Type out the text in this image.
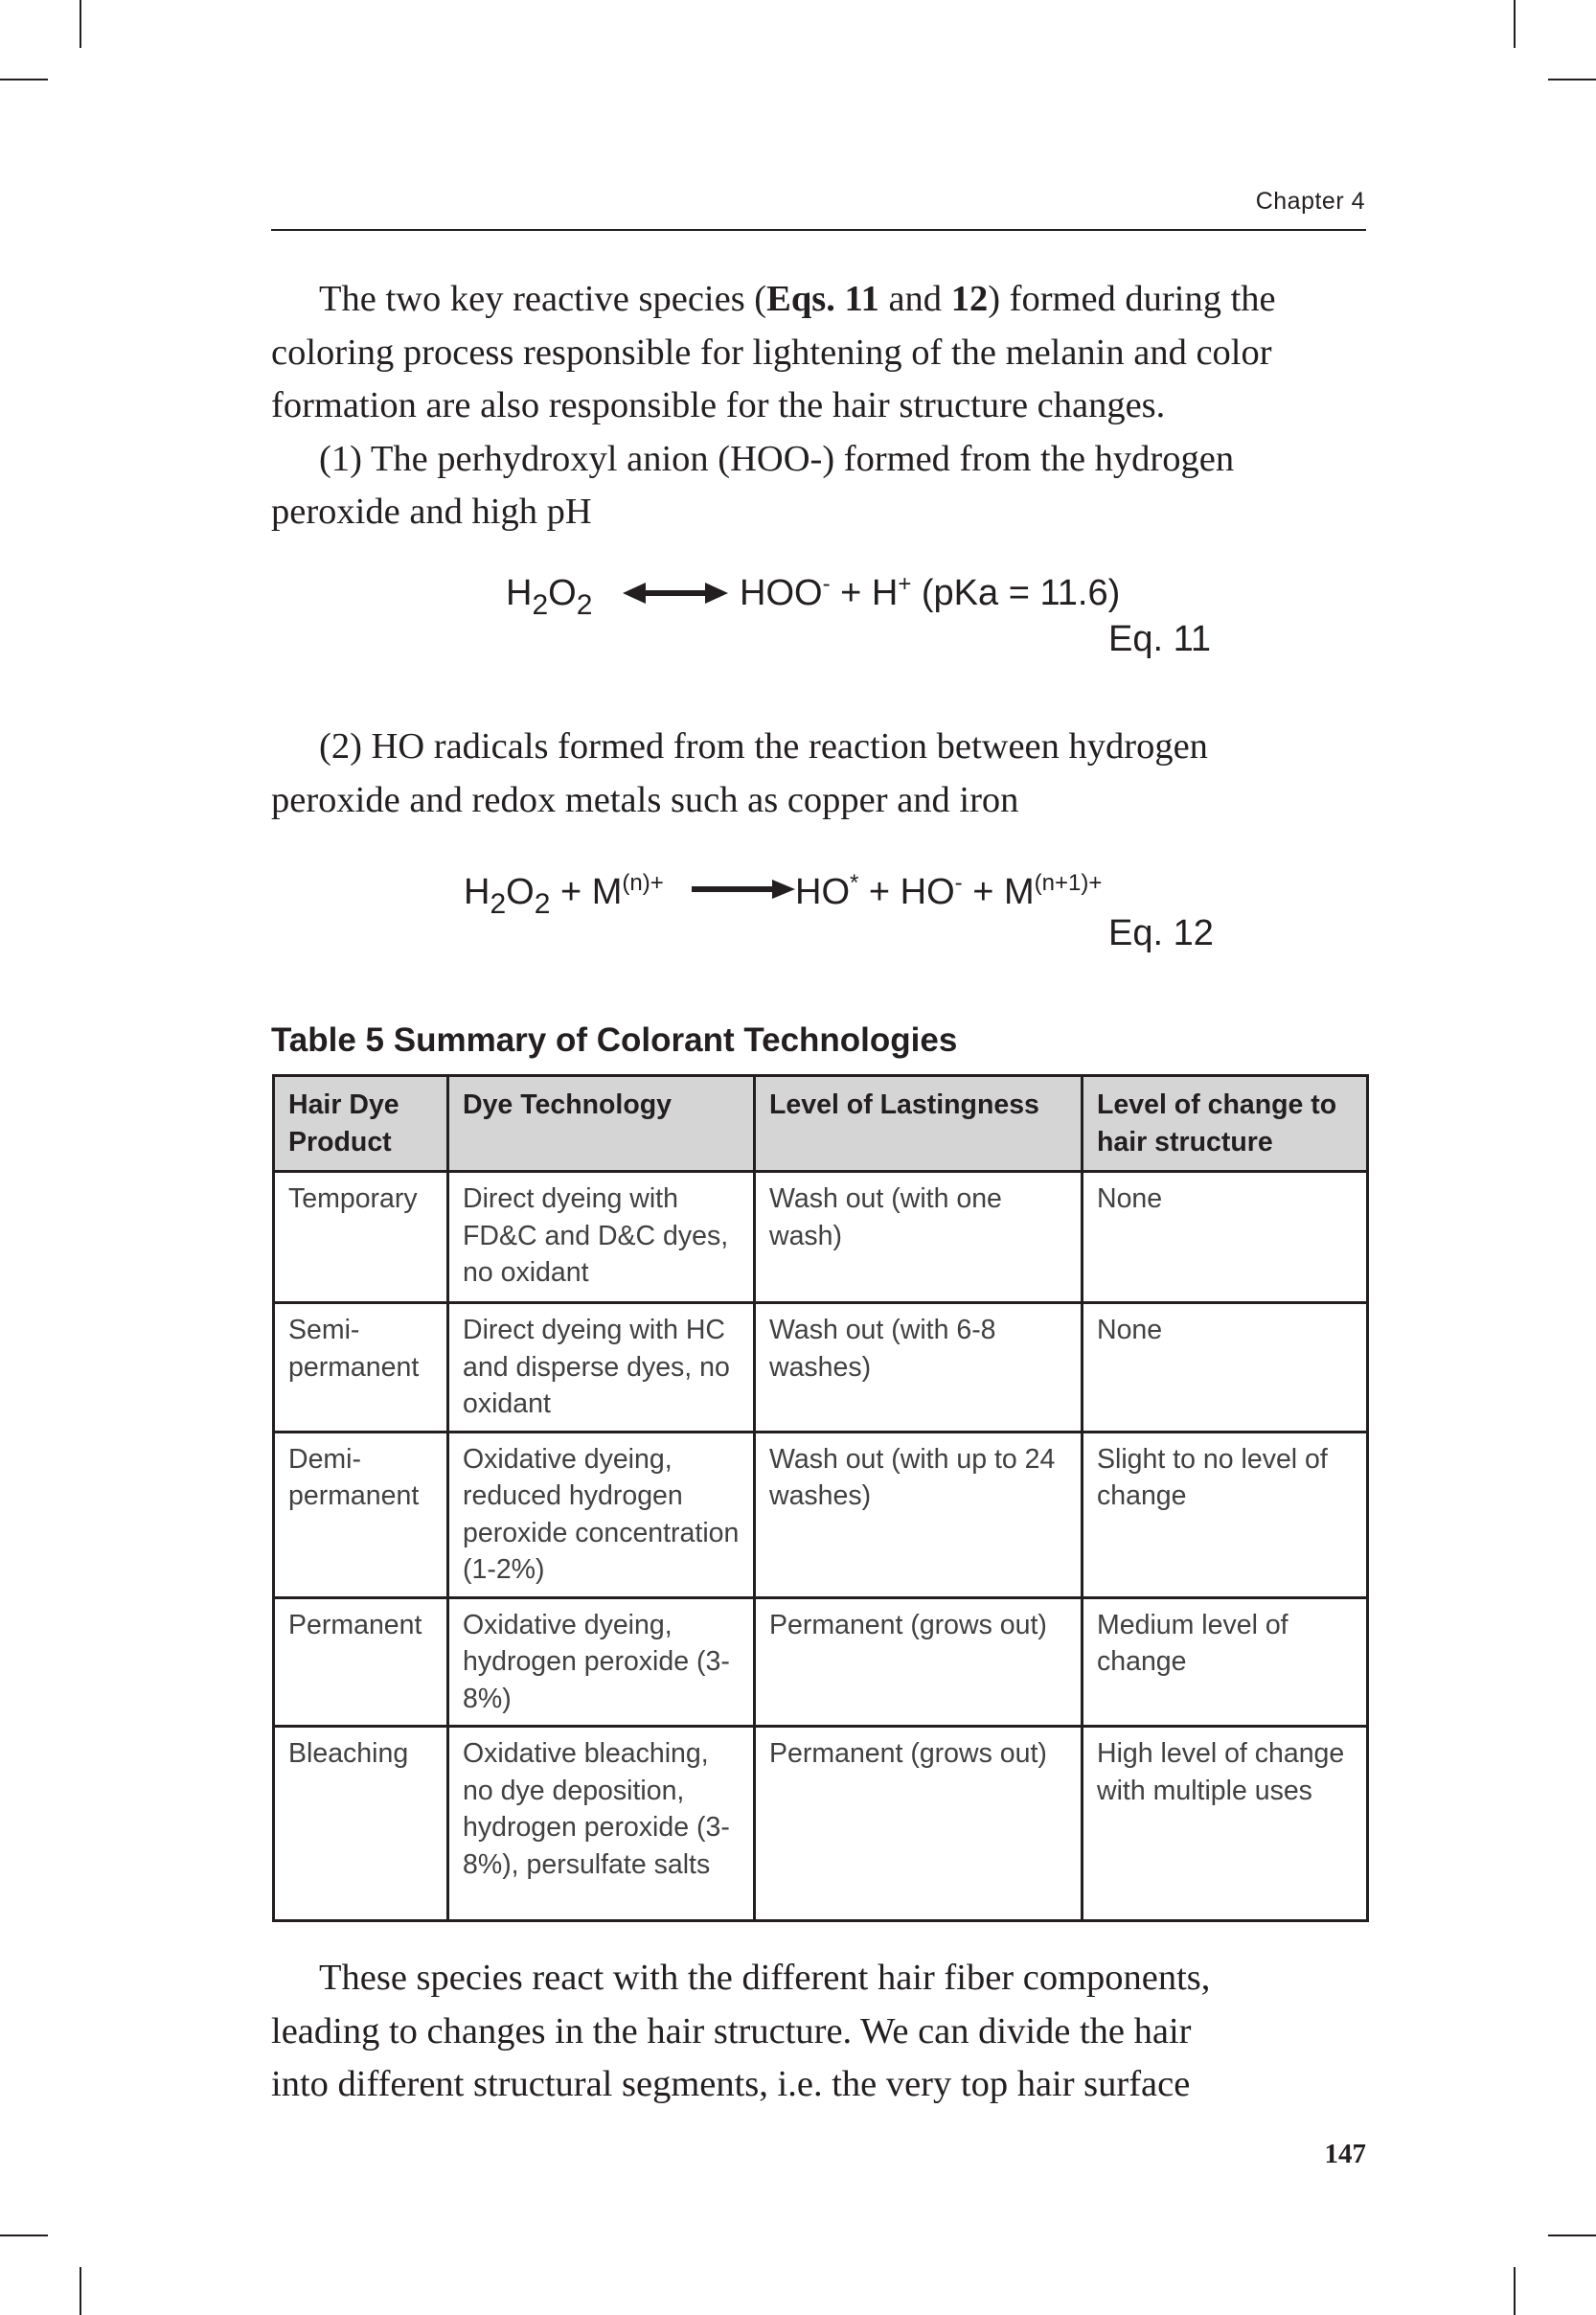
Chapter 4
The two key reactive species (Eqs. 11 and 12) formed during the
coloring process responsible for lightening of the melanin and color
formation are also responsible for the hair structure changes.
(1) The perhydroxyl anion (HOO-) formed from the hydrogen
peroxide and high pH
$H_2O_2$	HOO- + H+ (pKa = 11.6)
Eq. 11
(2) HO radicals formed from the reaction between hydrogen
peroxide and redox metals such as copper and iron
$H_2O_2 + M^{(n)+}$	$HO^* + HO^- + M^{(n+1)+}$
Eq. 12
Table 5 Summary of Colorant Technologies
Hair Dye Product	Dye Technology	Level of Lastingness	Level of change to hair structure
Temporary	Direct dyeing with FD&C and D&C dyes, no oxidant	Wash out (with one wash)	None
Semi-permanent	Direct dyeing with HC and disperse dyes, no oxidant	Wash out (with 6-8 washes)	None
Demi-permanent	Oxidative dyeing, reduced hydrogen peroxide concentration (1-2%)	Wash out (with up to 24 washes)	Slight to no level of change
Permanent	Oxidative dyeing, hydrogen peroxide (3-8%)	Permanent (grows out)	Medium level of change
Bleaching	Oxidative bleaching, no dye deposition, hydrogen peroxide (3-8%), persulfate salts	Permanent (grows out)	High level of change with multiple uses
These species react with the different hair fiber components,
leading to changes in the hair structure. We can divide the hair
into different structural segments, i.e. the very top hair surface
147
